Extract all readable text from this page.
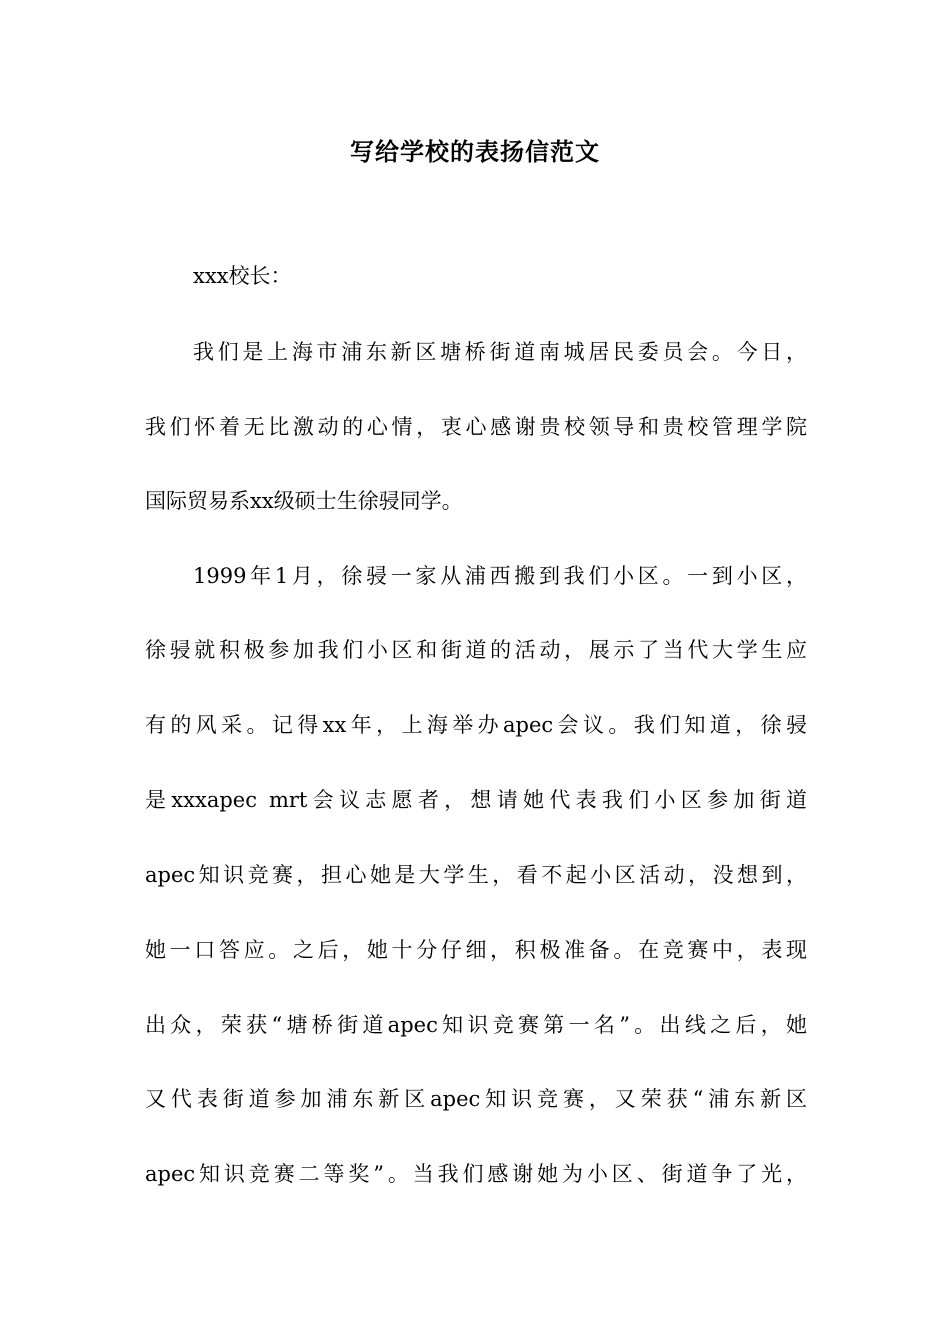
写给学校的表扬信范文
xxx校长：
我们是上海市浦东新区塘桥街道南城居民委员会。今日，
我们怀着无比激动的心情，衷心感谢贵校领导和贵校管理学院
国际贸易系xx级硕士生徐骎同学。
1999年1月，徐骎一家从浦西搬到我们小区。一到小区，
徐骎就积极参加我们小区和街道的活动，展示了当代大学生应
有的风采。记得xx年，上海举办apec会议。我们知道，徐骎
是xxxapec mrt会议志愿者，想请她代表我们小区参加街道
apec知识竞赛，担心她是大学生，看不起小区活动，没想到，
她一口答应。之后，她十分仔细，积极准备。在竞赛中，表现
出众，荣获“塘桥街道apec知识竞赛第一名”。出线之后，她
又代表街道参加浦东新区apec知识竞赛，又荣获“浦东新区
apec知识竞赛二等奖”。当我们感谢她为小区、街道争了光，
